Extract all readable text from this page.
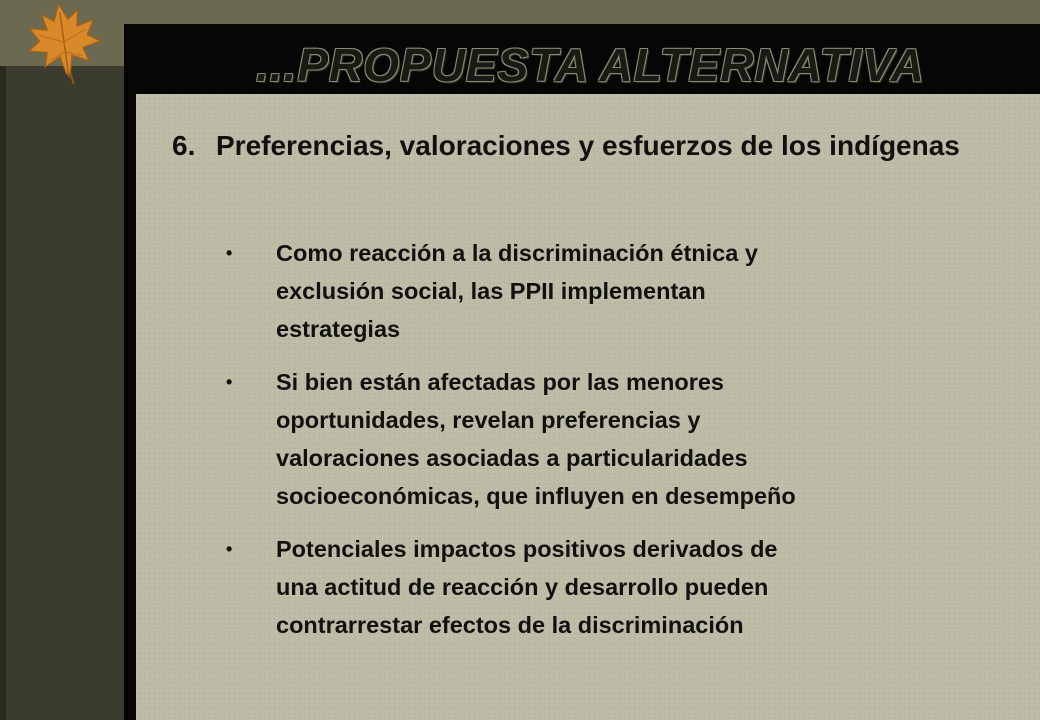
...PROPUESTA ALTERNATIVA
6. Preferencias, valoraciones y esfuerzos de los indígenas
•	Como reacción a la discriminación étnica y
exclusión social, las PPII implementan
estrategias
•	Si bien están afectadas por las menores
oportunidades, revelan preferencias y
valoraciones asociadas a particularidades
socioeconómicas, que influyen en desempeño
•	Potenciales impactos positivos derivados de
una actitud de reacción y desarrollo pueden
contrarrestar efectos de la discriminación
